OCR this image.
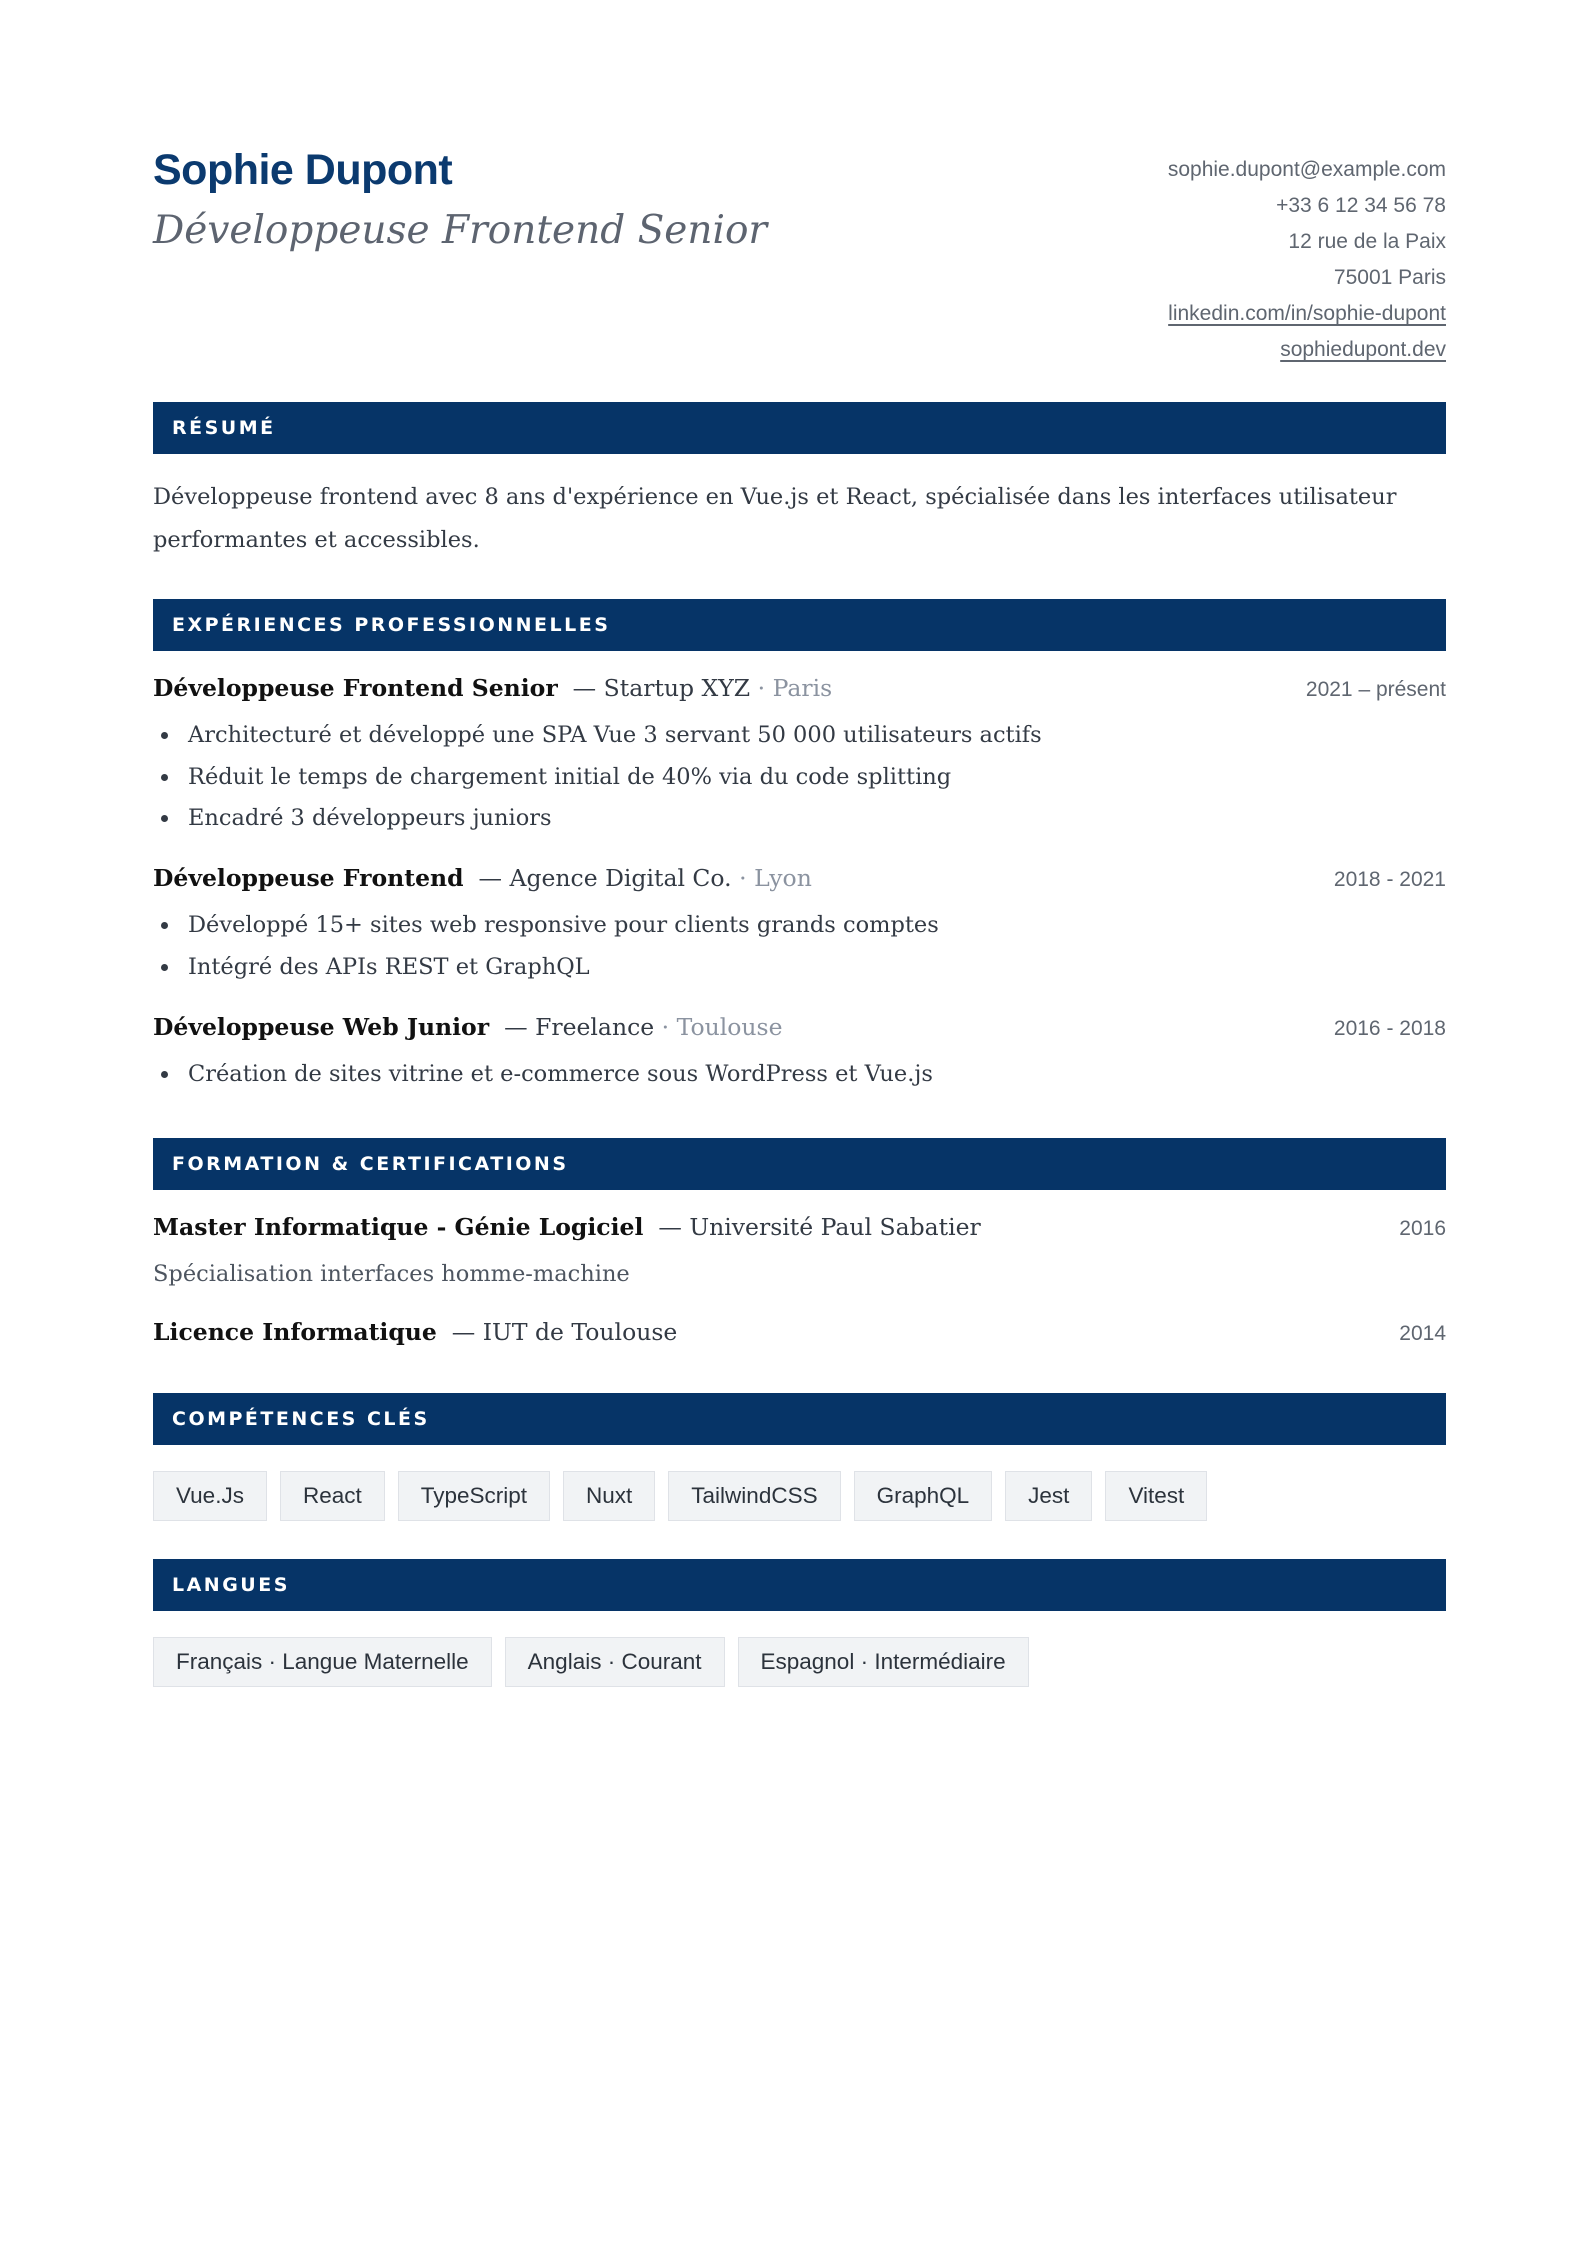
Sophie Dupont
Développeuse Frontend Senior
sophie.dupont@example.com
+33 6 12 34 56 78
12 rue de la Paix
75001 Paris
linkedin.com/in/sophie-dupont
sophiedupont.dev
RÉSUMÉ
Développeuse frontend avec 8 ans d'expérience en Vue.js et React, spécialisée dans les interfaces utilisateur performantes et accessibles.
EXPÉRIENCES PROFESSIONNELLES
Développeuse Frontend Senior  — Startup XYZ · Paris	2021 – présent
Architecturé et développé une SPA Vue 3 servant 50 000 utilisateurs actifs
Réduit le temps de chargement initial de 40% via du code splitting
Encadré 3 développeurs juniors
Développeuse Frontend  — Agence Digital Co. · Lyon	2018 - 2021
Développé 15+ sites web responsive pour clients grands comptes
Intégré des APIs REST et GraphQL
Développeuse Web Junior  — Freelance · Toulouse	2016 - 2018
Création de sites vitrine et e-commerce sous WordPress et Vue.js
FORMATION & CERTIFICATIONS
Master Informatique - Génie Logiciel  — Université Paul Sabatier	2016
Spécialisation interfaces homme-machine
Licence Informatique  — IUT de Toulouse	2014
COMPÉTENCES CLÉS
Vue.Js	React	TypeScript	Nuxt	TailwindCSS	GraphQL	Jest	Vitest
LANGUES
Français · Langue Maternelle	Anglais · Courant	Espagnol · Intermédiaire
